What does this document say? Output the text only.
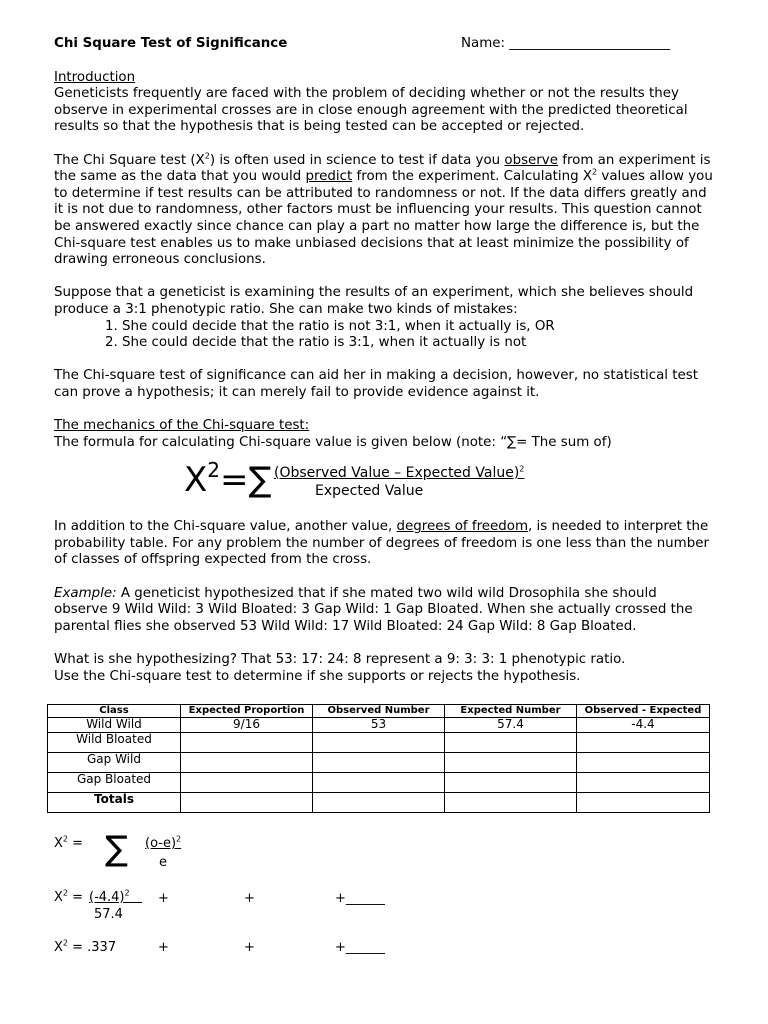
Chi Square Test of Significance	Name: ________________________

Introduction

Geneticists frequently are faced with the problem of deciding whether or not the results they observe in experimental crosses are in close enough agreement with the predicted theoretical results so that the hypothesis that is being tested can be accepted or rejected.

The Chi Square test $(X^2)$ is often used in science to test if data you observe from an experiment is the same as the data that you would predict from the experiment. Calculating $X^2$ values allow you to determine if test results can be attributed to randomness or not. If the data differs greatly and it is not due to randomness, other factors must be influencing your results. This question cannot be answered exactly since chance can play a part no matter how large the difference is, but the Chi-square test enables us to make unbiased decisions that at least minimize the possibility of drawing erroneous conclusions.

Suppose that a geneticist is examining the results of an experiment, which she believes should produce a 3:1 phenotypic ratio. She can make two kinds of mistakes:

1. She could decide that the ratio is not 3:1, when it actually is, OR
2. She could decide that the ratio is 3:1, when it actually is not

The Chi-square test of significance can aid her in making a decision, however, no statistical test can prove a hypothesis; it can merely fail to provide evidence against it.

The mechanics of the Chi-square test:

The formula for calculating Chi-square value is given below (note: “∑= The sum of)

$X^2=\sum$ (Observed Value – Expected Value)$^2$
Expected Value

In addition to the Chi-square value, another value, degrees of freedom, is needed to interpret the probability table. For any problem the number of degrees of freedom is one less than the number of classes of offspring expected from the cross.

Example: A geneticist hypothesized that if she mated two wild wild Drosophila she should observe 9 Wild Wild: 3 Wild Bloated: 3 Gap Wild: 1 Gap Bloated. When she actually crossed the parental flies she observed 53 Wild Wild: 17 Wild Bloated: 24 Gap Wild: 8 Gap Bloated.

What is she hypothesizing? That 53: 17: 24: 8 represent a 9: 3: 3: 1 phenotypic ratio.

Use the Chi-square test to determine if she supports or rejects the hypothesis.

Class	Expected Proportion	Observed Number	Expected Number	Observed - Expected
Wild Wild	9/16	53	57.4	-4.4
Wild Bloated				
Gap Wild				
Gap Bloated				
Totals				
$X^2$ = ∑ $(o-e)^2$
e
$X^2 = (-4.4)^2$
57.4
+	+	+______
$X^2 = .337$	+	+	+______
